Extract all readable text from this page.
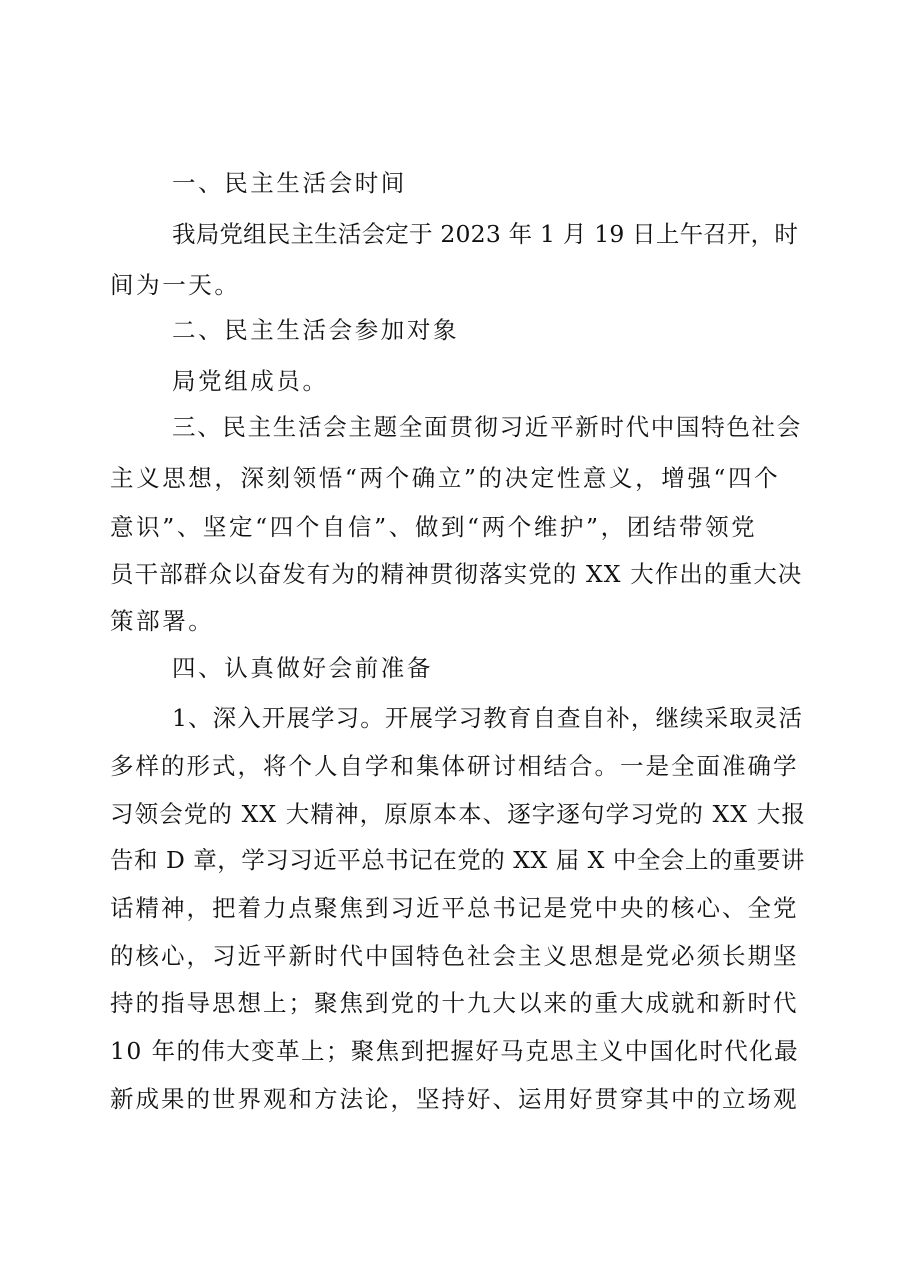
一、民主生活会时间
我局党组民主生活会定于 2023 年 1 月 19 日上午召开，时
间为一天。
二、民主生活会参加对象
局党组成员。
三、民主生活会主题全面贯彻习近平新时代中国特色社会
主义思想，深刻领悟“两个确立”的决定性意义，增强“四个
意识”、坚定“四个自信”、做到“两个维护”，团结带领党
员干部群众以奋发有为的精神贯彻落实党的 XX 大作出的重大决
策部署。
四、认真做好会前准备
1、深入开展学习。开展学习教育自查自补，继续采取灵活
多样的形式，将个人自学和集体研讨相结合。一是全面准确学
习领会党的 XX 大精神，原原本本、逐字逐句学习党的 XX 大报
告和 D 章，学习习近平总书记在党的 XX 届 X 中全会上的重要讲
话精神，把着力点聚焦到习近平总书记是党中央的核心、全党
的核心，习近平新时代中国特色社会主义思想是党必须长期坚
持的指导思想上；聚焦到党的十九大以来的重大成就和新时代
10 年的伟大变革上；聚焦到把握好马克思主义中国化时代化最
新成果的世界观和方法论，坚持好、运用好贯穿其中的立场观
